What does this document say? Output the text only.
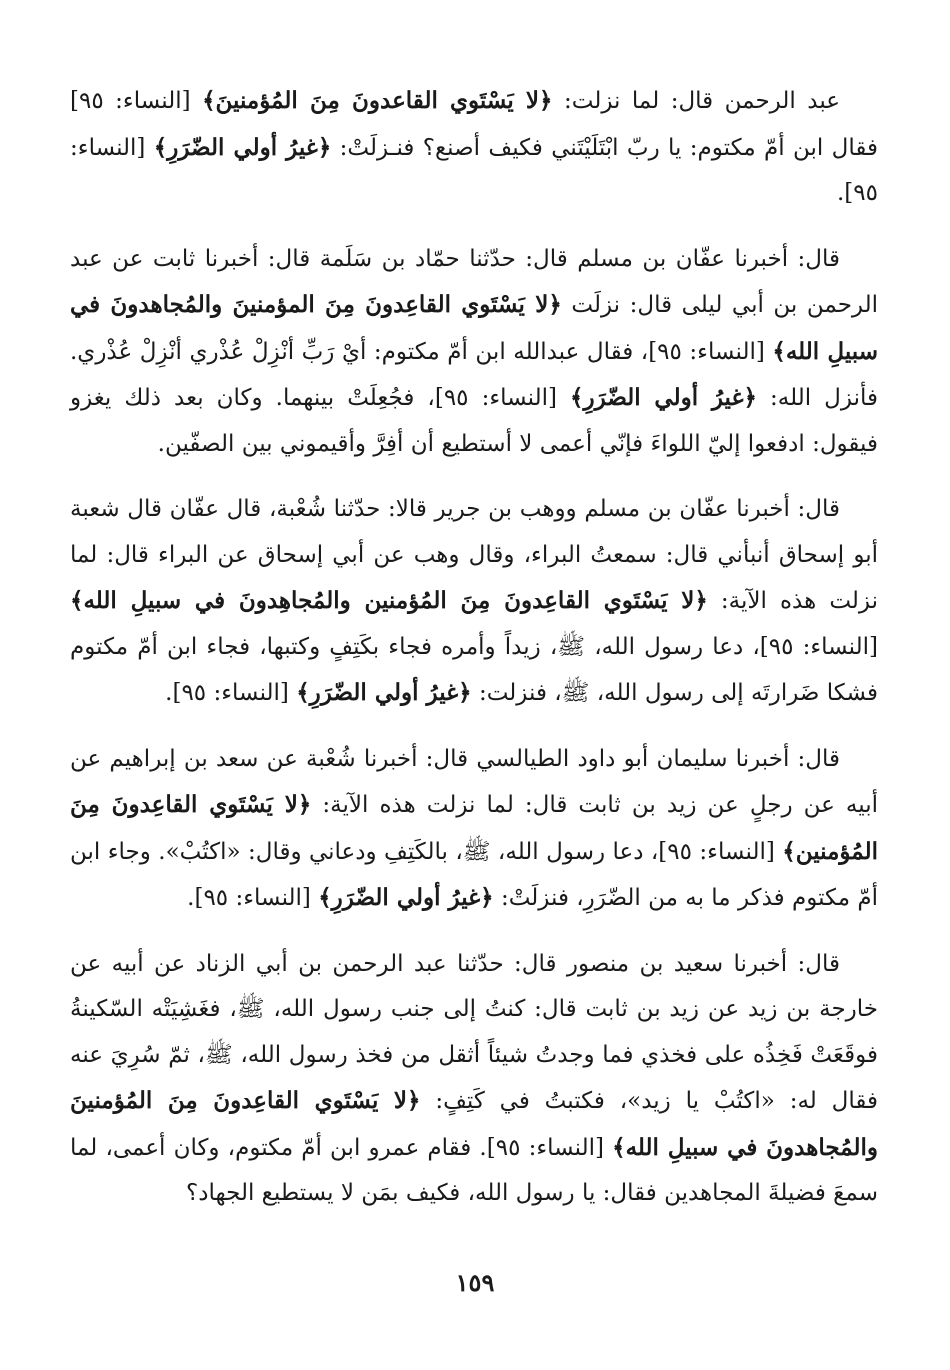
عبد الرحمن قال: لما نزلت: ﴿لا يَسْتَوي القاعدونَ مِنَ المُؤمنينَ﴾ [النساء: ٩٥] فقال ابن أمّ مكتوم: يا ربّ ابْتَلَيْتَني فكيف أصنع؟ فنـزلَتْ: ﴿غيرُ أولي الضّرَرِ﴾ [النساء: ٩٥].

قال: أخبرنا عفّان بن مسلم قال: حدّثنا حمّاد بن سَلَمة قال: أخبرنا ثابت عن عبد الرحمن بن أبي ليلى قال: نزلَت ﴿لا يَسْتَوي القاعِدونَ مِنَ المؤمنينَ والمُجاهدونَ في سبيلِ الله﴾ [النساء: ٩٥]، فقال عبدالله ابن أمّ مكتوم: أيْ رَبِّ أنْزِلْ عُذْري أنْزِلْ عُذْري. فأنزل الله: ﴿غيرُ أولي الضّرَرِ﴾ [النساء: ٩٥]، فجُعِلَتْ بينهما. وكان بعد ذلك يغزو فيقول: ادفعوا إليّ اللواءَ فإنّي أعمى لا أستطيع أن أفِرَّ وأقيموني بين الصفّين.

قال: أخبرنا عفّان بن مسلم ووهب بن جرير قالا: حدّثنا شُعْبة، قال عفّان قال شعبة أبو إسحاق أنبأني قال: سمعتُ البراء، وقال وهب عن أبي إسحاق عن البراء قال: لما نزلت هذه الآية: ﴿لا يَسْتَوي القاعِدونَ مِنَ المُؤمنين والمُجاهِدونَ في سبيلِ الله﴾ [النساء: ٩٥]، دعا رسول الله، ﷺ، زيداً وأمره فجاء بكَتِفٍ وكتبها، فجاء ابن أمّ مكتوم فشكا ضَرارتَه إلى رسول الله، ﷺ، فنزلت: ﴿غيرُ أولي الضّرَرِ﴾ [النساء: ٩٥].

قال: أخبرنا سليمان أبو داود الطيالسي قال: أخبرنا شُعْبة عن سعد بن إبراهيم عن أبيه عن رجلٍ عن زيد بن ثابت قال: لما نزلت هذه الآية: ﴿لا يَسْتَوي القاعِدونَ مِنَ المُؤمنين﴾ [النساء: ٩٥]، دعا رسول الله، ﷺ، بالكَتِفِ ودعاني وقال: «اكتُبْ». وجاء ابن أمّ مكتوم فذكر ما به من الضّرَرِ، فنزلَتْ: ﴿غيرُ أولي الضّرَرِ﴾ [النساء: ٩٥].

قال: أخبرنا سعيد بن منصور قال: حدّثنا عبد الرحمن بن أبي الزناد عن أبيه عن خارجة بن زيد عن زيد بن ثابت قال: كنتُ إلى جنب رسول الله، ﷺ، فغَشِيَتْه السّكينةُ فوقَعَتْ فَخِذُه على فخذي فما وجدتُ شيئاً أثقل من فخذ رسول الله، ﷺ، ثمّ سُرِيَ عنه فقال له: «اكتُبْ يا زيد»، فكتبتُ في كَتِفٍ: ﴿لا يَسْتَوي القاعِدونَ مِنَ المُؤمنينَ والمُجاهدونَ في سبيلِ الله﴾ [النساء: ٩٥]. فقام عمرو ابن أمّ مكتوم، وكان أعمى، لما سمعَ فضيلةَ المجاهدين فقال: يا رسول الله، فكيف بمَن لا يستطيع الجهاد؟

١٥٩
